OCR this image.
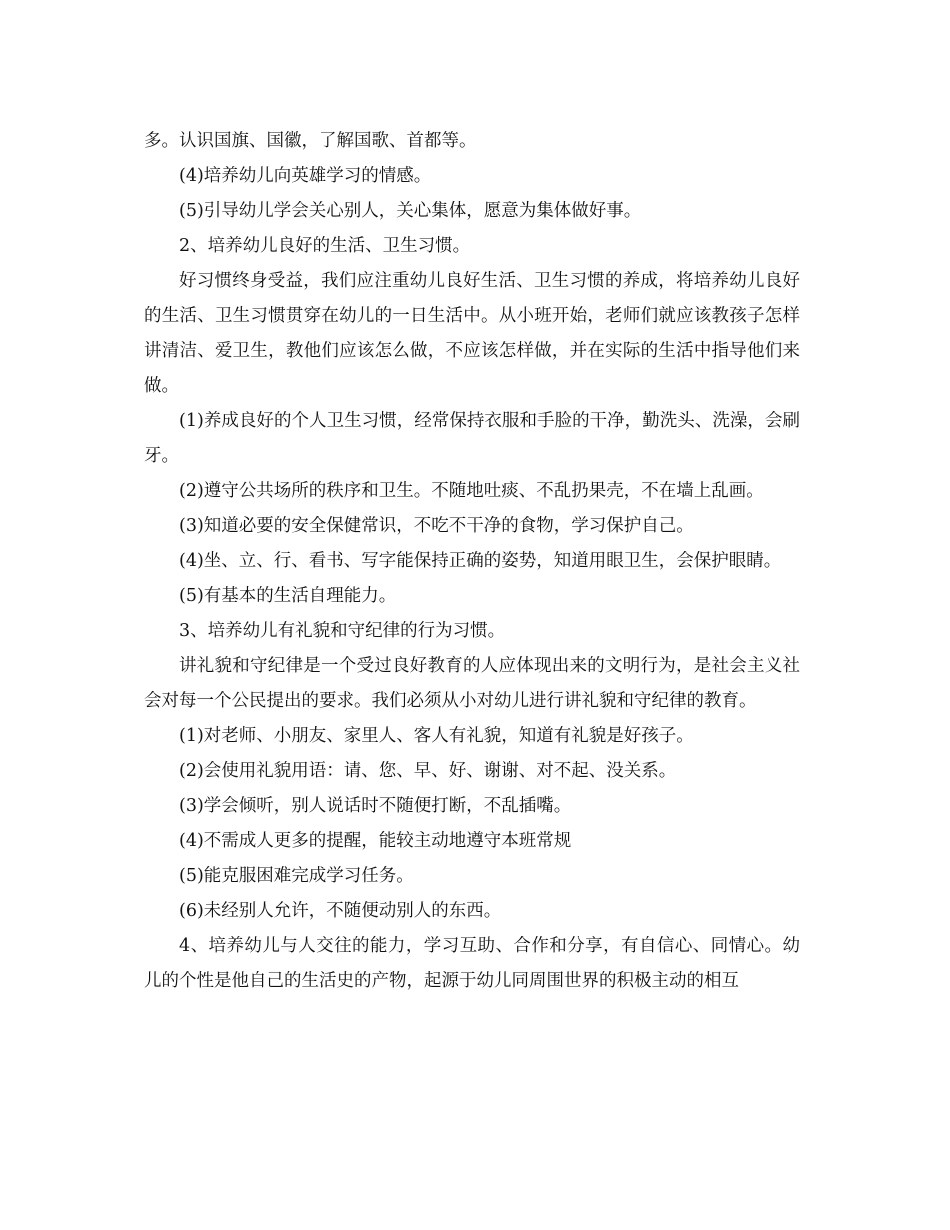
多。认识国旗、国徽，了解国歌、首都等。

(4)培养幼儿向英雄学习的情感。

(5)引导幼儿学会关心别人，关心集体，愿意为集体做好事。

2、培养幼儿良好的生活、卫生习惯。

好习惯终身受益，我们应注重幼儿良好生活、卫生习惯的养成，将培养幼儿良好的生活、卫生习惯贯穿在幼儿的一日生活中。从小班开始，老师们就应该教孩子怎样讲清洁、爱卫生，教他们应该怎么做，不应该怎样做，并在实际的生活中指导他们来做。

(1)养成良好的个人卫生习惯，经常保持衣服和手脸的干净，勤洗头、洗澡，会刷牙。

(2)遵守公共场所的秩序和卫生。不随地吐痰、不乱扔果壳，不在墙上乱画。

(3)知道必要的安全保健常识，不吃不干净的食物，学习保护自己。

(4)坐、立、行、看书、写字能保持正确的姿势，知道用眼卫生，会保护眼睛。

(5)有基本的生活自理能力。

3、培养幼儿有礼貌和守纪律的行为习惯。

讲礼貌和守纪律是一个受过良好教育的人应体现出来的文明行为，是社会主义社会对每一个公民提出的要求。我们必须从小对幼儿进行讲礼貌和守纪律的教育。

(1)对老师、小朋友、家里人、客人有礼貌，知道有礼貌是好孩子。

(2)会使用礼貌用语：请、您、早、好、谢谢、对不起、没关系。

(3)学会倾听，别人说话时不随便打断，不乱插嘴。

(4)不需成人更多的提醒，能较主动地遵守本班常规

(5)能克服困难完成学习任务。

(6)未经别人允许，不随便动别人的东西。

4、培养幼儿与人交往的能力，学习互助、合作和分享，有自信心、同情心。幼儿的个性是他自己的生活史的产物，起源于幼儿同周围世界的积极主动的相互
